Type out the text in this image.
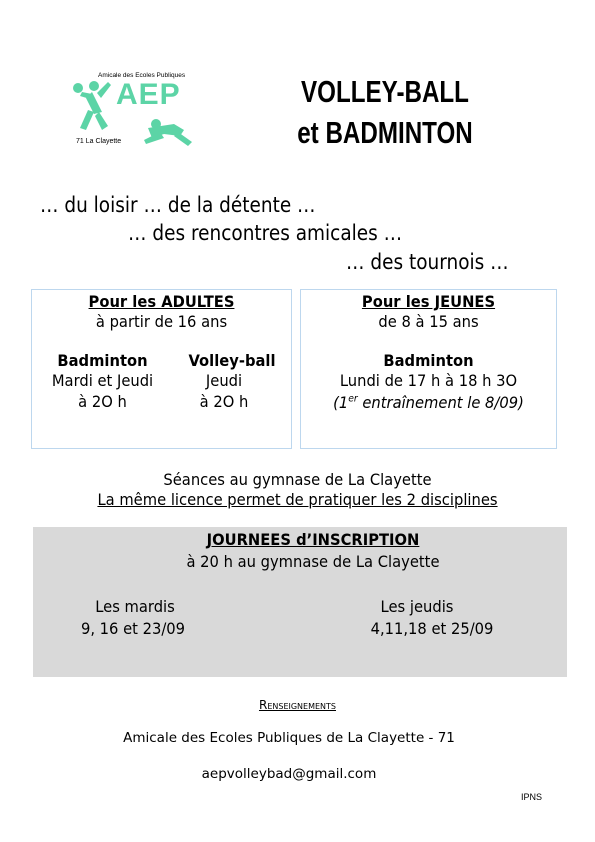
Amicale des Ecoles Publiques
AEP
71 La Clayette
VOLLEY-BALL
et BADMINTON
… du loisir … de la détente …
… des rencontres amicales …
… des tournois …
Pour les ADULTES
à partir de 16 ans
Badminton
Mardi et Jeudi
à 2O h
Volley-ball
Jeudi
à 2O h
Pour les JEUNES
de 8 à 15 ans
Badminton
Lundi de 17 h à 18 h 3O
(1er entraînement le 8/09)
Séances au gymnase de La Clayette
La même licence permet de pratiquer les 2 disciplines
JOURNEES d’INSCRIPTION
à 20 h au gymnase de La Clayette
Les mardis
9, 16 et 23/09
Les jeudis
4,11,18 et 25/09
Renseignements
Amicale des Ecoles Publiques de La Clayette - 71
aepvolleybad@gmail.com
IPNS
